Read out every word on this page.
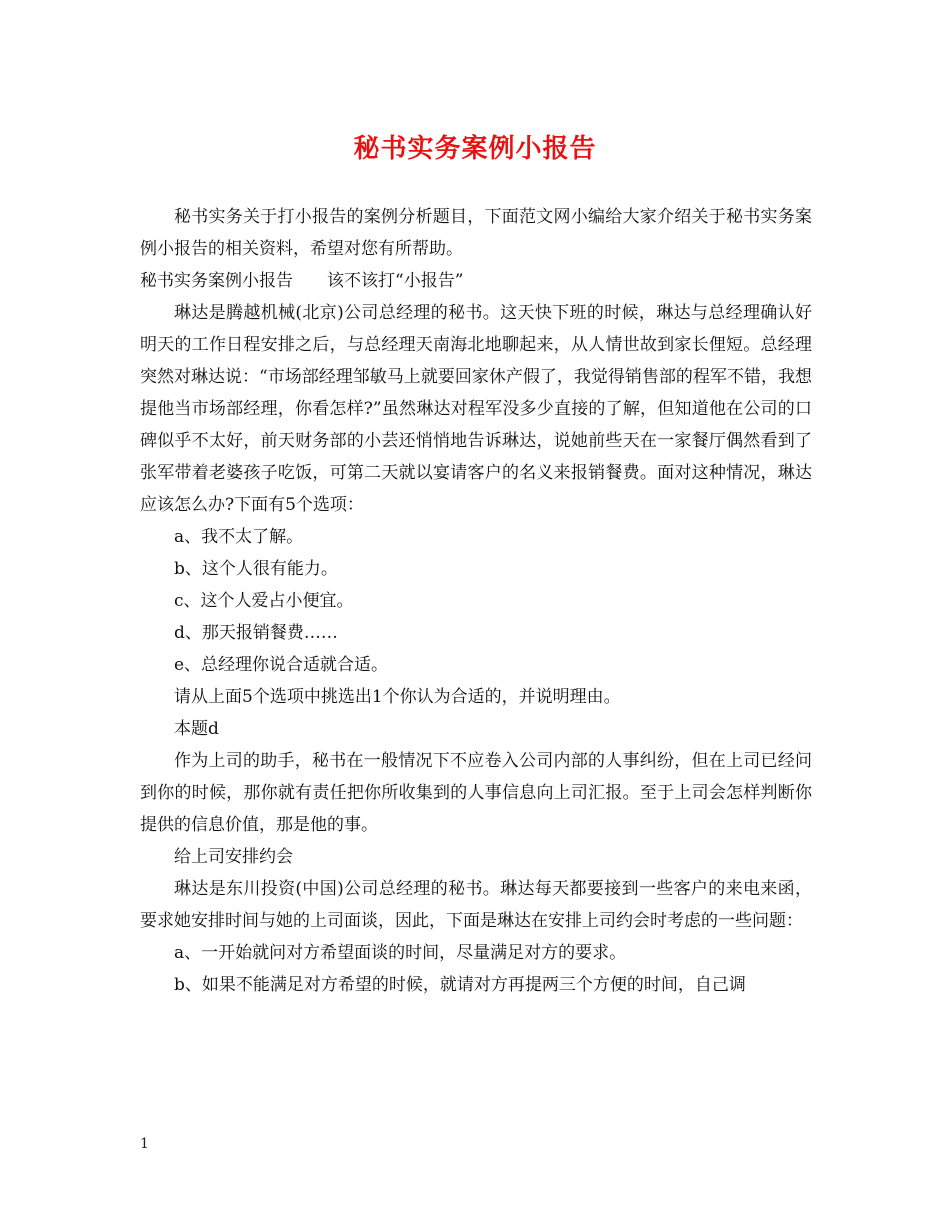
秘书实务案例小报告

秘书实务关于打小报告的案例分析题目，下面范文网小编给大家介绍关于秘书实务案例小报告的相关资料，希望对您有所帮助。

秘书实务案例小报告　　该不该打“小报告”

琳达是腾越机械(北京)公司总经理的秘书。这天快下班的时候，琳达与总经理确认好明天的工作日程安排之后，与总经理天南海北地聊起来，从人情世故到家长俚短。总经理突然对琳达说：“市场部经理邹敏马上就要回家休产假了，我觉得销售部的程军不错，我想提他当市场部经理，你看怎样?”虽然琳达对程军没多少直接的了解，但知道他在公司的口碑似乎不太好，前天财务部的小芸还悄悄地告诉琳达，说她前些天在一家餐厅偶然看到了张军带着老婆孩子吃饭，可第二天就以宴请客户的名义来报销餐费。面对这种情况，琳达应该怎么办?下面有5个选项：

a、我不太了解。

b、这个人很有能力。

c、这个人爱占小便宜。

d、那天报销餐费……

e、总经理你说合适就合适。

请从上面5个选项中挑选出1个你认为合适的，并说明理由。

本题d

作为上司的助手，秘书在一般情况下不应卷入公司内部的人事纠纷，但在上司已经问到你的时候，那你就有责任把你所收集到的人事信息向上司汇报。至于上司会怎样判断你提供的信息价值，那是他的事。

给上司安排约会

琳达是东川投资(中国)公司总经理的秘书。琳达每天都要接到一些客户的来电来函，要求她安排时间与她的上司面谈，因此，下面是琳达在安排上司约会时考虑的一些问题：

a、一开始就问对方希望面谈的时间，尽量满足对方的要求。

b、如果不能满足对方希望的时候，就请对方再提两三个方便的时间，自己调

1
